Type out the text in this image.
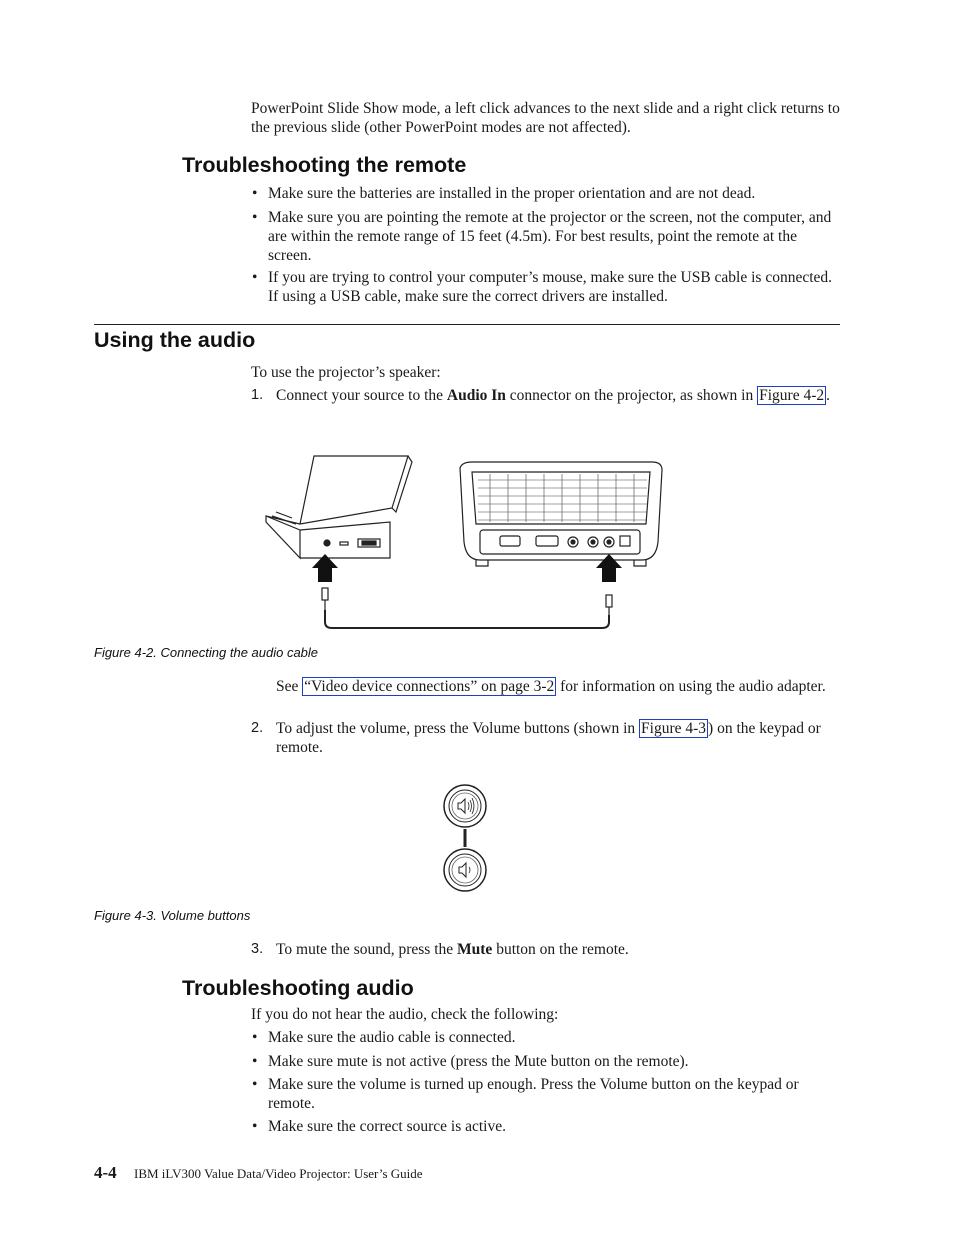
PowerPoint Slide Show mode, a left click advances to the next slide and a right click returns to the previous slide (other PowerPoint modes are not affected).
Troubleshooting the remote
• Make sure the batteries are installed in the proper orientation and are not dead.
• Make sure you are pointing the remote at the projector or the screen, not the computer, and are within the remote range of 15 feet (4.5m). For best results, point the remote at the screen.
• If you are trying to control your computer’s mouse, make sure the USB cable is connected. If using a USB cable, make sure the correct drivers are installed.
Using the audio
To use the projector’s speaker:
1. Connect your source to the Audio In connector on the projector, as shown in Figure 4-2 .
Figure 4-2. Connecting the audio cable
See “Video device connections” on page 3-2 for information on using the audio adapter.
2. To adjust the volume, press the Volume buttons (shown in Figure 4-3 ) on the keypad or remote.
Figure 4-3. Volume buttons
3. To mute the sound, press the Mute button on the remote.
Troubleshooting audio
If you do not hear the audio, check the following:
• Make sure the audio cable is connected.
• Make sure mute is not active (press the Mute button on the remote).
• Make sure the volume is turned up enough. Press the Volume button on the keypad or remote.
• Make sure the correct source is active.
4-4 IBM iLV300 Value Data/Video Projector: User’s Guide
